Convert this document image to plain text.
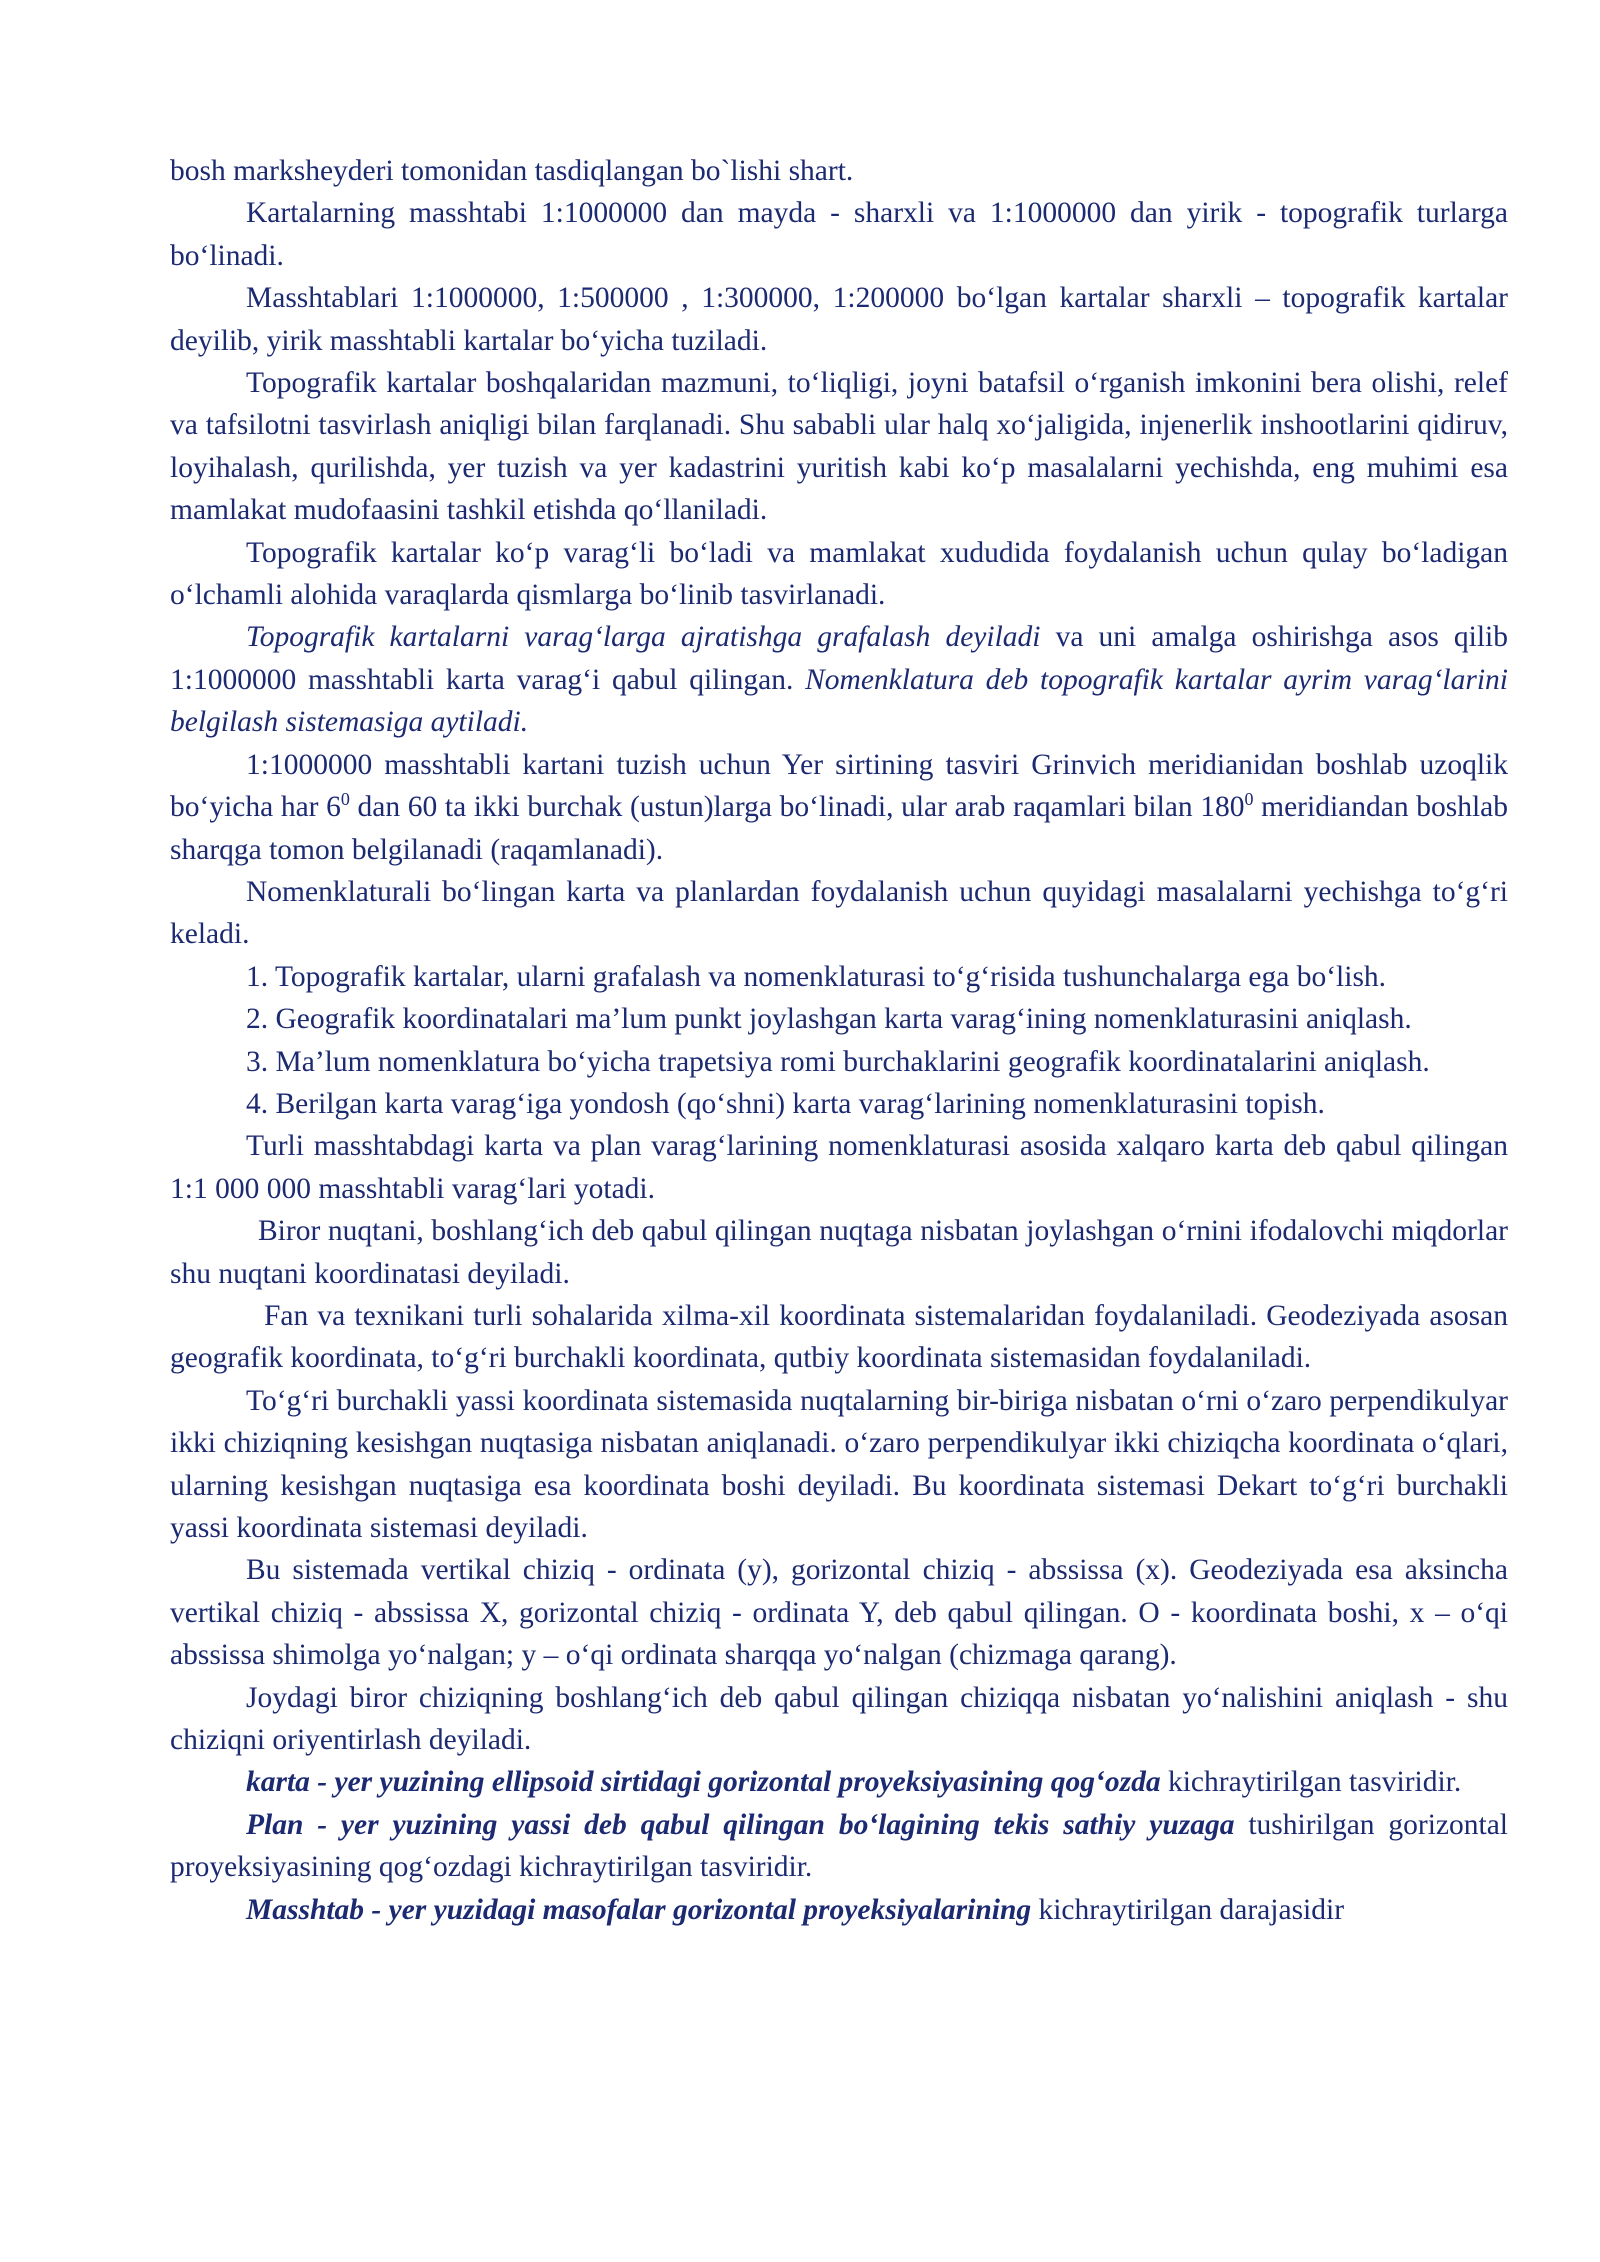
bosh marksheyderi tomonidan tasdiqlangan bo`lishi shart.

Kartalarning masshtabi 1:1000000 dan mayda - sharxli va 1:1000000 dan yirik - topografik turlarga bo‘linadi.

Masshtablari 1:1000000, 1:500000 , 1:300000, 1:200000 bo‘lgan kartalar sharxli – topografik kartalar deyilib, yirik masshtabli kartalar bo‘yicha tuziladi.

Topografik kartalar boshqalaridan mazmuni, to‘liqligi, joyni batafsil o‘rganish imkonini bera olishi, relef va tafsilotni tasvirlash aniqligi bilan farqlanadi. Shu sababli ular halq xo‘jaligida, injenerlik inshootlarini qidiruv, loyihalash, qurilishda, yer tuzish va yer kadastrini yuritish kabi ko‘p masalalarni yechishda, eng muhimi esa mamlakat mudofaasini tashkil etishda qo‘llaniladi.

Topografik kartalar ko‘p varag‘li bo‘ladi va mamlakat xududida foydalanish uchun qulay bo‘ladigan o‘lchamli alohida varaqlarda qismlarga bo‘linib tasvirlanadi.

Topografik kartalarni varag‘larga ajratishga grafalash deyiladi va uni amalga oshirishga asos qilib 1:1000000 masshtabli karta varag‘i qabul qilingan. Nomenklatura deb topografik kartalar ayrim varag‘larini belgilash sistemasiga aytiladi.

1:1000000 masshtabli kartani tuzish uchun Yer sirtining tasviri Grinvich meridianidan boshlab uzoqlik bo‘yicha har $6^0$ dan 60 ta ikki burchak (ustun)larga bo‘linadi, ular arab raqamlari bilan $180^0$ meridiandan boshlab sharqga tomon belgilanadi (raqamlanadi).

Nomenklaturali bo‘lingan karta va planlardan foydalanish uchun quyidagi masalalarni yechishga to‘g‘ri keladi.

1. Topografik kartalar, ularni grafalash va nomenklaturasi to‘g‘risida tushunchalarga ega bo‘lish.

2. Geografik koordinatalari ma’lum punkt joylashgan karta varag‘ining nomenklaturasini aniqlash.

3. Ma’lum nomenklatura bo‘yicha trapetsiya romi burchaklarini geografik koordinatalarini aniqlash.

4. Berilgan karta varag‘iga yondosh (qo‘shni) karta varag‘larining nomenklaturasini topish.

Turli masshtabdagi karta va plan varag‘larining nomenklaturasi asosida xalqaro karta deb qabul qilingan 1:1 000 000 masshtabli varag‘lari yotadi.

Biror nuqtani, boshlang‘ich deb qabul qilingan nuqtaga nisbatan joylashgan o‘rnini ifodalovchi miqdorlar shu nuqtani koordinatasi deyiladi.

Fan va texnikani turli sohalarida xilma-xil koordinata sistemalaridan foydalaniladi. Geodeziyada asosan geografik koordinata, to‘g‘ri burchakli koordinata, qutbiy koordinata sistemasidan foydalaniladi.

To‘g‘ri burchakli yassi koordinata sistemasida nuqtalarning bir-biriga nisbatan o‘rni o‘zaro perpendikulyar ikki chiziqning kesishgan nuqtasiga nisbatan aniqlanadi. o‘zaro perpendikulyar ikki chiziqcha koordinata o‘qlari, ularning kesishgan nuqtasiga esa koordinata boshi deyiladi. Bu koordinata sistemasi Dekart to‘g‘ri burchakli yassi koordinata sistemasi deyiladi.

Bu sistemada vertikal chiziq - ordinata (y), gorizontal chiziq - abssissa (x). Geodeziyada esa aksincha vertikal chiziq - abssissa X, gorizontal chiziq - ordinata Y, deb qabul qilingan. O - koordinata boshi, x – o‘qi abssissa shimolga yo‘nalgan; y – o‘qi ordinata sharqqa yo‘nalgan (chizmaga qarang).

Joydagi biror chiziqning boshlang‘ich deb qabul qilingan chiziqqa nisbatan yo‘nalishini aniqlash - shu chiziqni oriyentirlash deyiladi.

karta - yer yuzining ellipsoid sirtidagi gorizontal proyeksiyasining qog‘ozda kichraytirilgan tasviridir.

Plan - yer yuzining yassi deb qabul qilingan bo‘lagining tekis sathiy yuzaga tushirilgan gorizontal proyeksiyasining qog‘ozdagi kichraytirilgan tasviridir.

Masshtab - yer yuzidagi masofalar gorizontal proyeksiyalarining kichraytirilgan darajasidir
